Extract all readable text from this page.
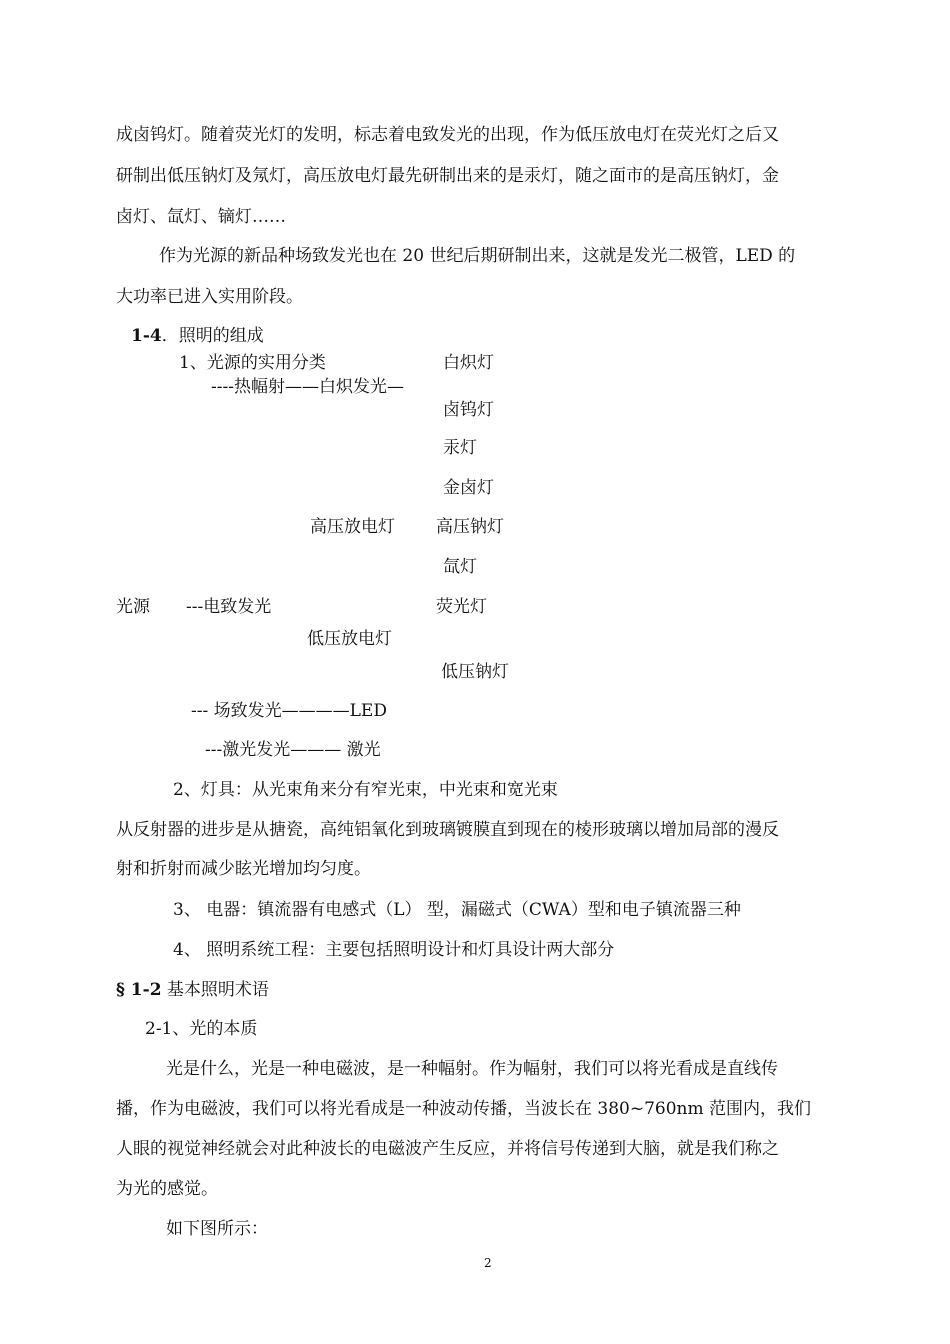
成卤钨灯。随着荧光灯的发明，标志着电致发光的出现，作为低压放电灯在荧光灯之后又
研制出低压钠灯及氖灯，高压放电灯最先研制出来的是汞灯，随之面市的是高压钠灯，金
卤灯、氙灯、镝灯……
作为光源的新品种场致发光也在 20 世纪后期研制出来，这就是发光二极管，LED 的
大功率已进入实用阶段。
1-4．照明的组成
1、光源的实用分类	白炽灯
----热幅射——白炽发光—
卤钨灯
汞灯
金卤灯
高压放电灯 高压钠灯
氙灯
光源 ---电致发光	荧光灯
低压放电灯
低压钠灯
--- 场致发光————LED
---激光发光——— 激光
2、灯具：从光束角来分有窄光束，中光束和宽光束
从反射器的进步是从搪瓷，高纯铝氧化到玻璃镀膜直到现在的棱形玻璃以增加局部的漫反
射和折射而减少眩光增加均匀度。
3、 电器：镇流器有电感式（L） 型，漏磁式（CWA）型和电子镇流器三种
4、 照明系统工程：主要包括照明设计和灯具设计两大部分
§ 1-2 基本照明术语
2-1、光的本质
光是什么，光是一种电磁波，是一种幅射。作为幅射，我们可以将光看成是直线传
播，作为电磁波，我们可以将光看成是一种波动传播，当波长在 380~760nm 范围内，我们
人眼的视觉神经就会对此种波长的电磁波产生反应，并将信号传递到大脑，就是我们称之
为光的感觉。
如下图所示：
2
